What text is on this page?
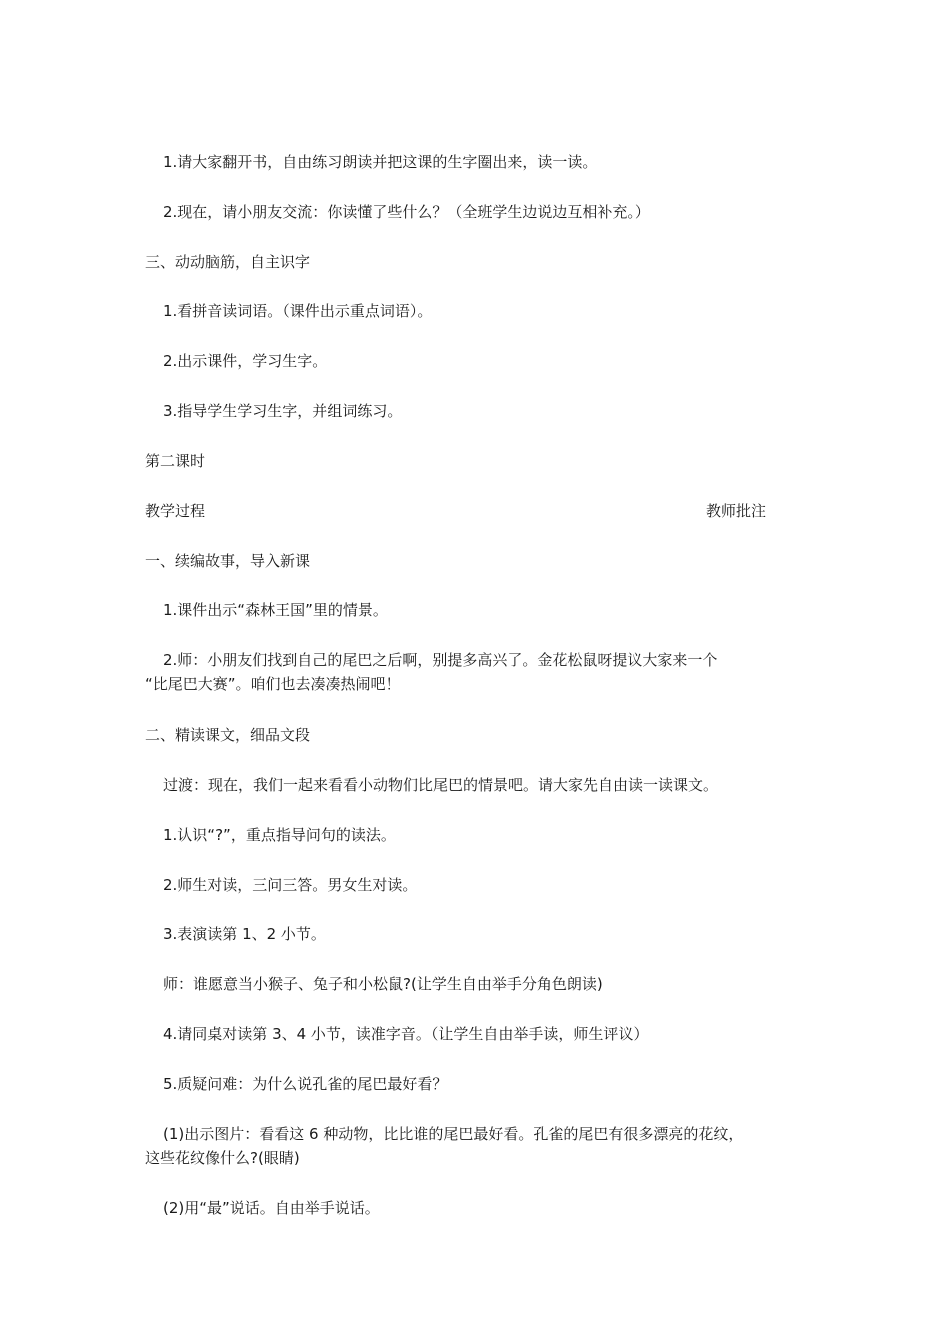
1.请大家翻开书，自由练习朗读并把这课的生字圈出来，读一读。
2.现在，请小朋友交流：你读懂了些什么？（全班学生边说边互相补充。）
三、动动脑筋，自主识字
1.看拼音读词语。（课件出示重点词语）。
2.出示课件，学习生字。
3.指导学生学习生字，并组词练习。
第二课时
教学过程	教师批注
一、续编故事，导入新课
1.课件出示“森林王国”里的情景。
2.师：小朋友们找到自己的尾巴之后啊，别提多高兴了。金花松鼠呀提议大家来一个
“比尾巴大赛”。咱们也去凑凑热闹吧！
二、精读课文，细品文段
过渡：现在，我们一起来看看小动物们比尾巴的情景吧。请大家先自由读一读课文。
1.认识“?”，重点指导问句的读法。
2.师生对读，三问三答。男女生对读。
3.表演读第 1、2 小节。
师：谁愿意当小猴子、兔子和小松鼠?(让学生自由举手分角色朗读)
4.请同桌对读第 3、4 小节，读准字音。（让学生自由举手读，师生评议）
5.质疑问难：为什么说孔雀的尾巴最好看？
(1)出示图片：看看这 6 种动物，比比谁的尾巴最好看。孔雀的尾巴有很多漂亮的花纹，
这些花纹像什么?(眼睛)
(2)用“最”说话。自由举手说话。
